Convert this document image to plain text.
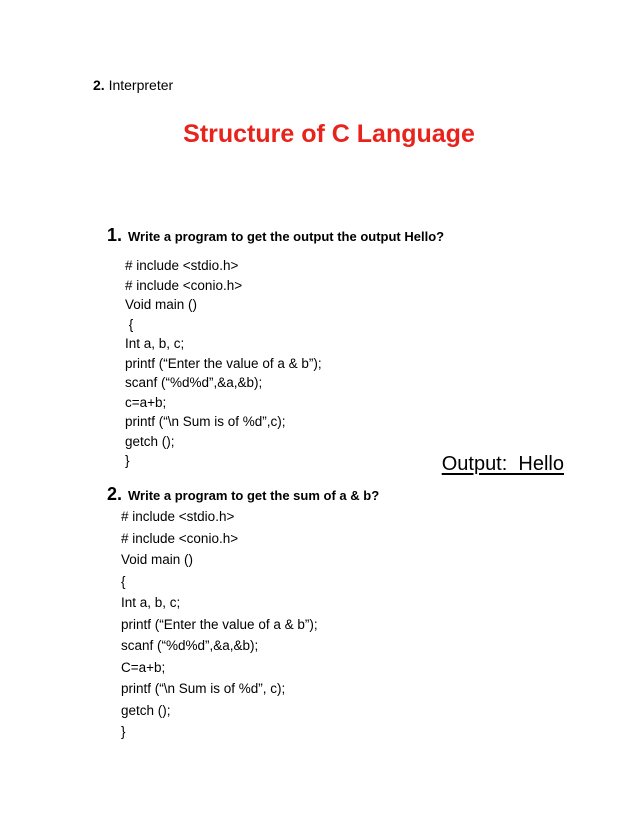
2. Interpreter
Structure of C Language
1. Write a program to get the output the output Hello?
# include <stdio.h>
# include <conio.h>
Void main ()
{
Int a, b, c;
printf (“Enter the value of a & b”);
scanf (“%d%d”,&a,&b);
c=a+b;
printf (“\n Sum is of %d”,c);
getch ();
}	Output:  Hello
2. Write a program to get the sum of a & b?
# include <stdio.h>
# include <conio.h>
Void main ()
{
Int a, b, c;
printf (“Enter the value of a & b”);
scanf (“%d%d”,&a,&b);
C=a+b;
printf (“\n Sum is of %d”, c);
getch ();
}
